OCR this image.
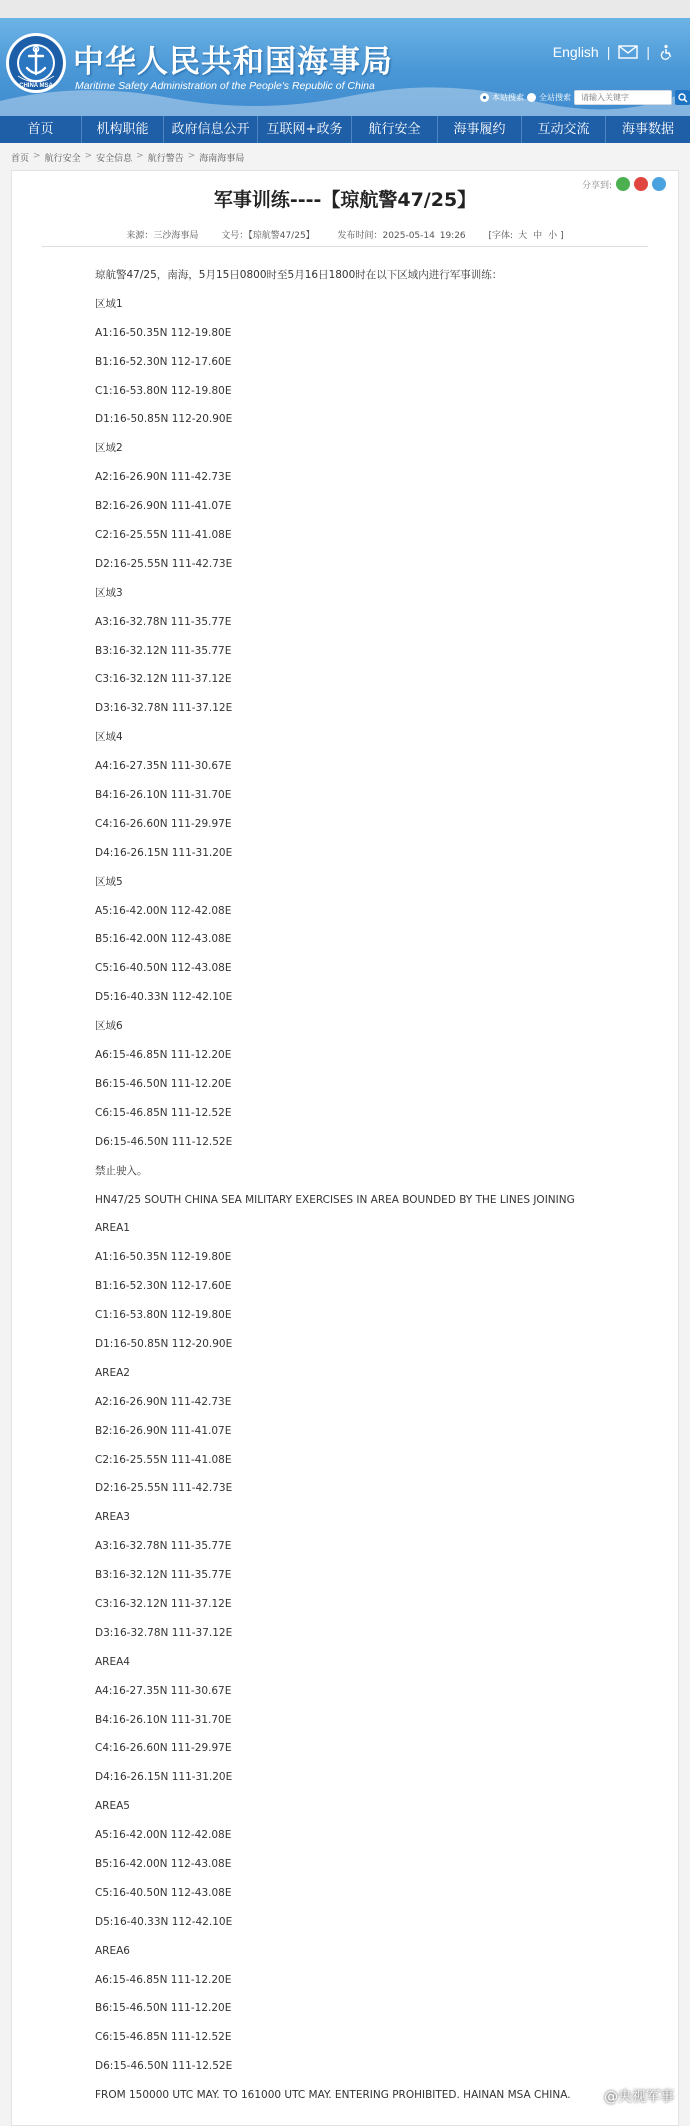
CHINA MSA
中华人民共和国海事局
Maritime Safety Administration of the People's Republic of China
English |	|
本站搜索 全站搜索
请输入关键字
首页	机构职能	政府信息公开	互联网+政务	航行安全	海事履约	互动交流	海事数据
首页 > 航行安全 > 安全信息 > 航行警告 > 海南海事局
分享到:
军事训练----【琼航警47/25】
来源：三沙海事局	文号：【琼航警47/25】	发布时间：2025-05-14 19:26	[字体: 大 中 小 ]
琼航警47/25，南海，5月15日0800时至5月16日1800时在以下区域内进行军事训练：
区域1
A1:16-50.35N 112-19.80E
B1:16-52.30N 112-17.60E
C1:16-53.80N 112-19.80E
D1:16-50.85N 112-20.90E
区域2
A2:16-26.90N 111-42.73E
B2:16-26.90N 111-41.07E
C2:16-25.55N 111-41.08E
D2:16-25.55N 111-42.73E
区域3
A3:16-32.78N 111-35.77E
B3:16-32.12N 111-35.77E
C3:16-32.12N 111-37.12E
D3:16-32.78N 111-37.12E
区域4
A4:16-27.35N 111-30.67E
B4:16-26.10N 111-31.70E
C4:16-26.60N 111-29.97E
D4:16-26.15N 111-31.20E
区域5
A5:16-42.00N 112-42.08E
B5:16-42.00N 112-43.08E
C5:16-40.50N 112-43.08E
D5:16-40.33N 112-42.10E
区域6
A6:15-46.85N 111-12.20E
B6:15-46.50N 111-12.20E
C6:15-46.85N 111-12.52E
D6:15-46.50N 111-12.52E
禁止驶入。
HN47/25 SOUTH CHINA SEA MILITARY EXERCISES IN AREA BOUNDED BY THE LINES JOINING
AREA1
A1:16-50.35N 112-19.80E
B1:16-52.30N 112-17.60E
C1:16-53.80N 112-19.80E
D1:16-50.85N 112-20.90E
AREA2
A2:16-26.90N 111-42.73E
B2:16-26.90N 111-41.07E
C2:16-25.55N 111-41.08E
D2:16-25.55N 111-42.73E
AREA3
A3:16-32.78N 111-35.77E
B3:16-32.12N 111-35.77E
C3:16-32.12N 111-37.12E
D3:16-32.78N 111-37.12E
AREA4
A4:16-27.35N 111-30.67E
B4:16-26.10N 111-31.70E
C4:16-26.60N 111-29.97E
D4:16-26.15N 111-31.20E
AREA5
A5:16-42.00N 112-42.08E
B5:16-42.00N 112-43.08E
C5:16-40.50N 112-43.08E
D5:16-40.33N 112-42.10E
AREA6
A6:15-46.85N 111-12.20E
B6:15-46.50N 111-12.20E
C6:15-46.85N 111-12.52E
D6:15-46.50N 111-12.52E
FROM 150000 UTC MAY. TO 161000 UTC MAY. ENTERING PROHIBITED. HAINAN MSA CHINA.	@央视军事
